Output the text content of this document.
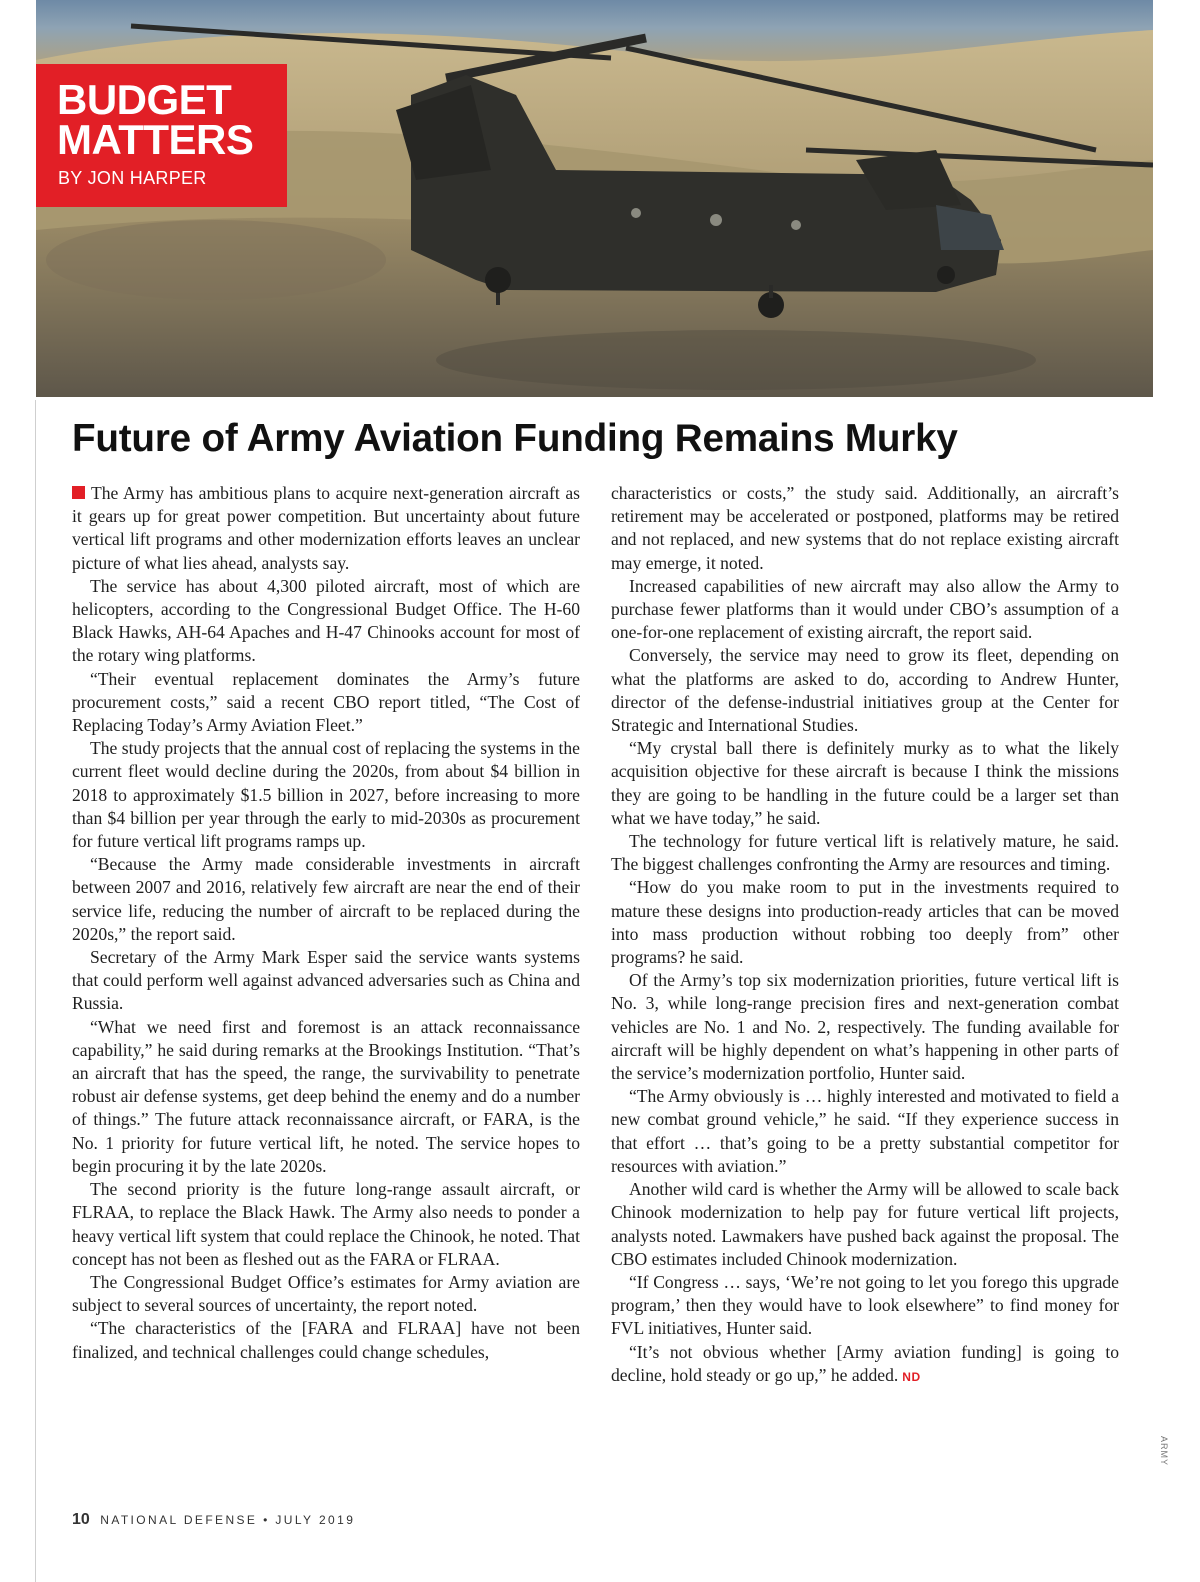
BUDGET
MATTERS
BY JON HARPER
Future of Army Aviation Funding Remains Murky

The Army has ambitious plans to acquire next-generation aircraft as it gears up for great power competition. But uncertainty about future vertical lift programs and other modernization efforts leaves an unclear picture of what lies ahead, analysts say.

The service has about 4,300 piloted aircraft, most of which are helicopters, according to the Congressional Budget Office. The H-60 Black Hawks, AH-64 Apaches and H-47 Chinooks account for most of the rotary wing platforms.

“Their eventual replacement dominates the Army’s future procurement costs,” said a recent CBO report titled, “The Cost of Replacing Today’s Army Aviation Fleet.”

The study projects that the annual cost of replacing the systems in the current fleet would decline during the 2020s, from about $4 billion in 2018 to approximately $1.5 billion in 2027, before increasing to more than $4 billion per year through the early to mid-2030s as procurement for future vertical lift programs ramps up.

“Because the Army made considerable investments in aircraft between 2007 and 2016, relatively few aircraft are near the end of their service life, reducing the number of aircraft to be replaced during the 2020s,” the report said.

Secretary of the Army Mark Esper said the service wants systems that could perform well against advanced adversaries such as China and Russia.

“What we need first and foremost is an attack reconnaissance capability,” he said during remarks at the Brookings Institution. “That’s an aircraft that has the speed, the range, the survivability to penetrate robust air defense systems, get deep behind the enemy and do a number of things.” The future attack reconnaissance aircraft, or FARA, is the No. 1 priority for future vertical lift, he noted. The service hopes to begin procuring it by the late 2020s.

The second priority is the future long-range assault aircraft, or FLRAA, to replace the Black Hawk. The Army also needs to ponder a heavy vertical lift system that could replace the Chinook, he noted. That concept has not been as fleshed out as the FARA or FLRAA.

The Congressional Budget Office’s estimates for Army aviation are subject to several sources of uncertainty, the report noted.

“The characteristics of the [FARA and FLRAA] have not been finalized, and technical challenges could change schedules,

characteristics or costs,” the study said. Additionally, an aircraft’s retirement may be accelerated or postponed, platforms may be retired and not replaced, and new systems that do not replace existing aircraft may emerge, it noted.

Increased capabilities of new aircraft may also allow the Army to purchase fewer platforms than it would under CBO’s assumption of a one-for-one replacement of existing aircraft, the report said.

Conversely, the service may need to grow its fleet, depending on what the platforms are asked to do, according to Andrew Hunter, director of the defense-industrial initiatives group at the Center for Strategic and International Studies.

“My crystal ball there is definitely murky as to what the likely acquisition objective for these aircraft is because I think the missions they are going to be handling in the future could be a larger set than what we have today,” he said.

The technology for future vertical lift is relatively mature, he said. The biggest challenges confronting the Army are resources and timing.

“How do you make room to put in the investments required to mature these designs into production-ready articles that can be moved into mass production without robbing too deeply from” other programs? he said.

Of the Army’s top six modernization priorities, future vertical lift is No. 3, while long-range precision fires and next-generation combat vehicles are No. 1 and No. 2, respectively. The funding available for aircraft will be highly dependent on what’s happening in other parts of the service’s modernization portfolio, Hunter said.

“The Army obviously is … highly interested and motivated to field a new combat ground vehicle,” he said. “If they experience success in that effort … that’s going to be a pretty substantial competitor for resources with aviation.”

Another wild card is whether the Army will be allowed to scale back Chinook modernization to help pay for future vertical lift projects, analysts noted. Lawmakers have pushed back against the proposal. The CBO estimates included Chinook modernization.

“If Congress … says, ‘We’re not going to let you forego this upgrade program,’ then they would have to look elsewhere” to find money for FVL initiatives, Hunter said.

“It’s not obvious whether [Army aviation funding] is going to decline, hold steady or go up,” he added. ND

ARMY
10 NATIONAL DEFENSE • JULY 2019
